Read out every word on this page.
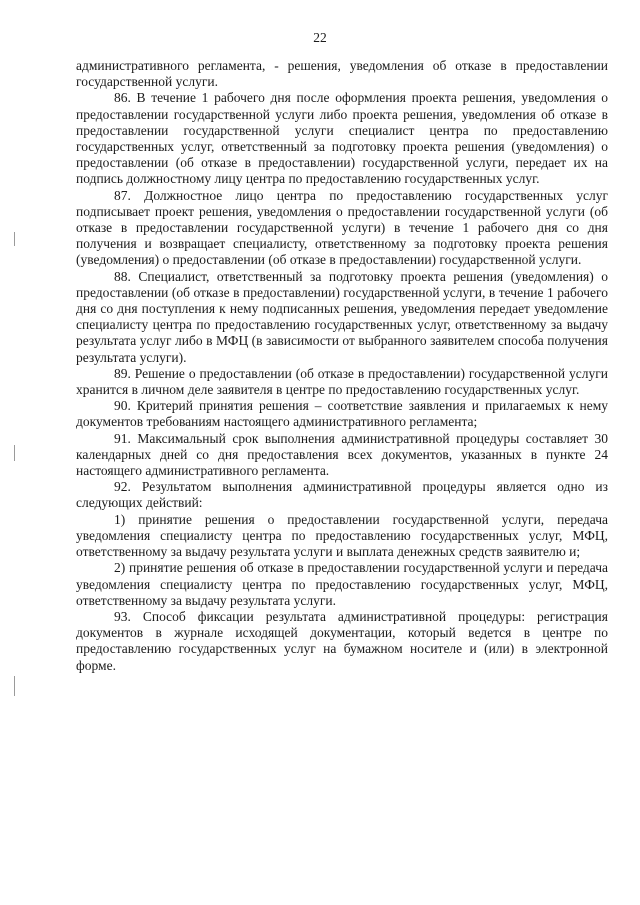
22

административного регламента, - решения, уведомления об отказе в предоставлении государственной услуги.

86. В течение 1 рабочего дня после оформления проекта решения, уведомления о предоставлении государственной услуги либо проекта решения, уведомления об отказе в предоставлении государственной услуги специалист центра по предоставлению государственных услуг, ответственный за подготовку проекта решения (уведомления) о предоставлении (об отказе в предоставлении) государственной услуги, передает их на подпись должностному лицу центра по предоставлению государственных услуг.

87. Должностное лицо центра по предоставлению государственных услуг подписывает проект решения, уведомления о предоставлении государственной услуги (об отказе в предоставлении государственной услуги) в течение 1 рабочего дня со дня получения и возвращает специалисту, ответственному за подготовку проекта решения (уведомления) о предоставлении (об отказе в предоставлении) государственной услуги.

88. Специалист, ответственный за подготовку проекта решения (уведомления) о предоставлении (об отказе в предоставлении) государственной услуги, в течение 1 рабочего дня со дня поступления к нему подписанных решения, уведомления передает уведомление специалисту центра по предоставлению государственных услуг, ответственному за выдачу результата услуг либо в МФЦ (в зависимости от выбранного заявителем способа получения результата услуги).

89. Решение о предоставлении (об отказе в предоставлении) государственной услуги хранится в личном деле заявителя в центре по предоставлению государственных услуг.

90. Критерий принятия решения – соответствие заявления и прилагаемых к нему документов требованиям настоящего административного регламента;

91. Максимальный срок выполнения административной процедуры составляет 30 календарных дней со дня предоставления всех документов, указанных в пункте 24 настоящего административного регламента.

92. Результатом выполнения административной процедуры является одно из следующих действий:

1) принятие решения о предоставлении государственной услуги, передача уведомления специалисту центра по предоставлению государственных услуг, МФЦ, ответственному за выдачу результата услуги и выплата денежных средств заявителю и;

2) принятие решения об отказе в предоставлении государственной услуги и передача уведомления специалисту центра по предоставлению государственных услуг, МФЦ, ответственному за выдачу результата услуги.

93. Способ фиксации результата административной процедуры: регистрация документов в журнале исходящей документации, который ведется в центре по предоставлению государственных услуг на бумажном носителе и (или) в электронной форме.
